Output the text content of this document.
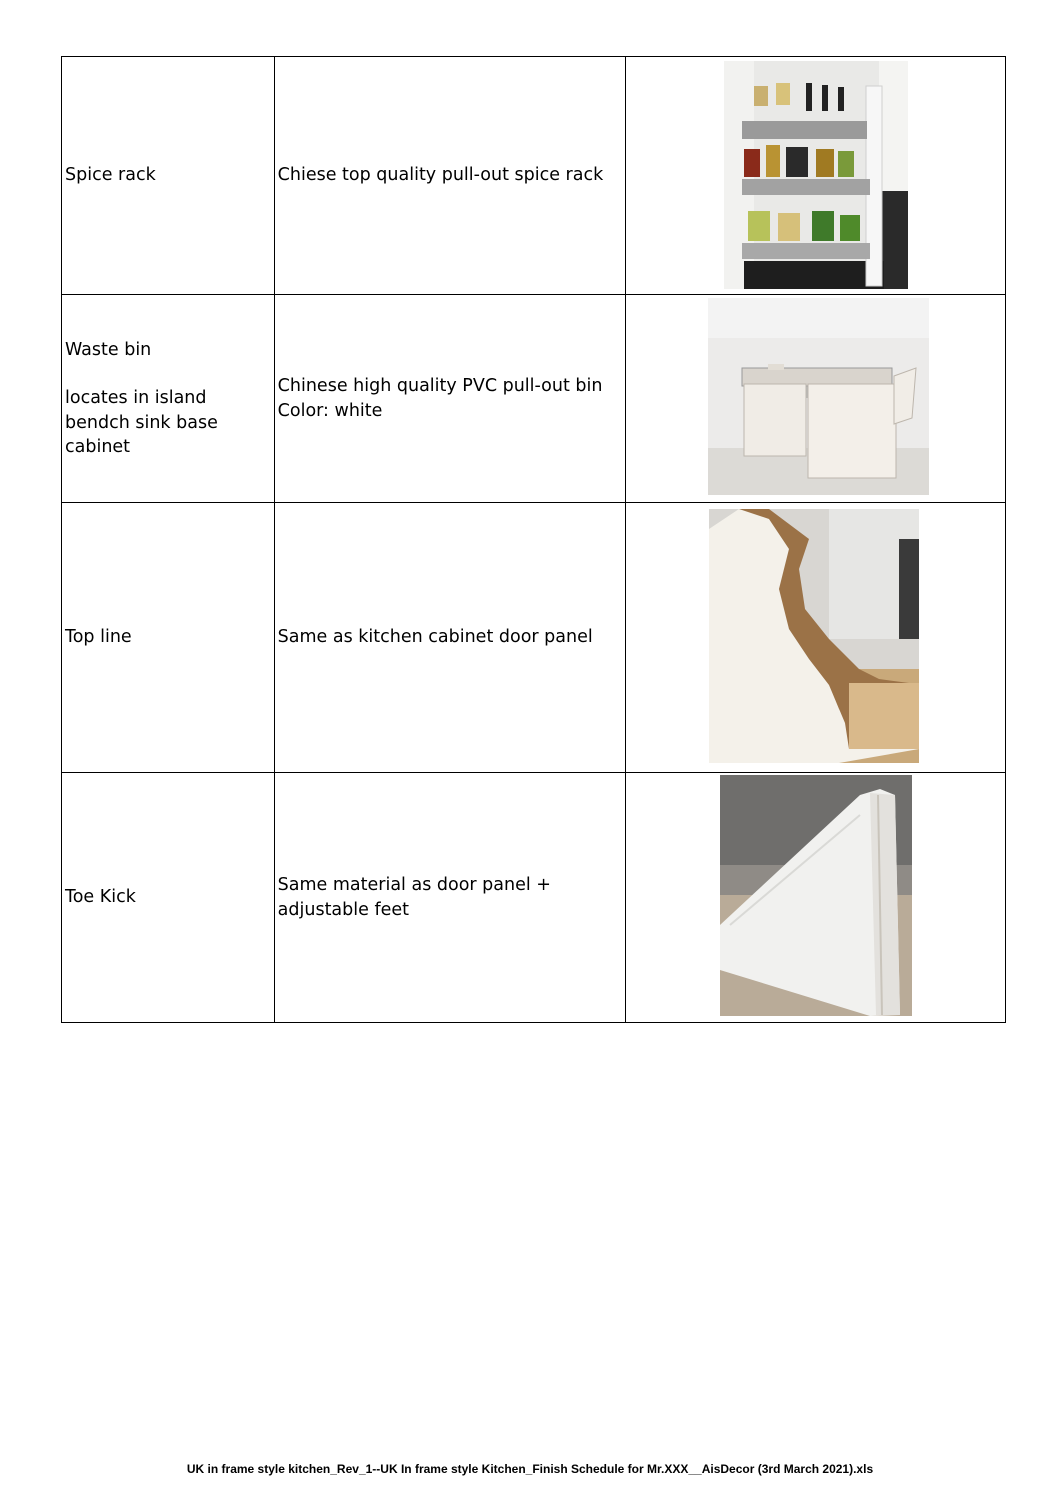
Spice rack	Chiese top quality pull-out spice rack	

Waste bin
locates in island
bendch sink base
cabinet	Chinese high quality PVC pull-out bin
Color: white	

Top line	Same as kitchen cabinet door panel	

Toe Kick	Same material as door panel +
adjustable feet	
UK in frame style kitchen_Rev_1--UK In frame style Kitchen_Finish Schedule for Mr.XXX__AisDecor (3rd March 2021).xls
